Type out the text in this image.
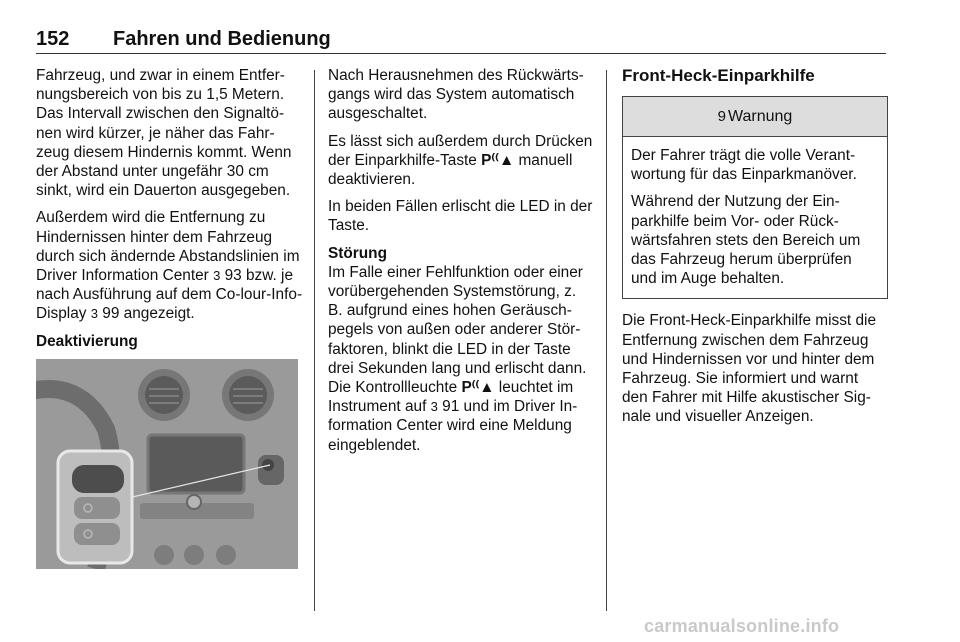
152 Fahren und Bedienung

Fahrzeug, und zwar in einem Entfer-nungsbereich von bis zu 1,5 Metern. Das Intervall zwischen den Signaltö-nen wird kürzer, je näher das Fahr-zeug diesem Hindernis kommt. Wenn der Abstand unter ungefähr 30 cm sinkt, wird ein Dauerton ausgegeben.

Außerdem wird die Entfernung zu Hindernissen hinter dem Fahrzeug durch sich ändernde Abstandslinien im Driver Information Center 3 93 bzw. je nach Ausführung auf dem Co-lour-Info-Display 3 99 angezeigt.

Deaktivierung

Nach Herausnehmen des Rückwärts-gangs wird das System automatisch ausgeschaltet.

Es lässt sich außerdem durch Drücken der Einparkhilfe-Taste P⁽⁽▲ manuell deaktivieren.

In beiden Fällen erlischt die LED in der Taste.

Störung

Im Falle einer Fehlfunktion oder einer vorübergehenden Systemstörung, z. B. aufgrund eines hohen Geräusch-pegels von außen oder anderer Stör-faktoren, blinkt die LED in der Taste drei Sekunden lang und erlischt dann. Die Kontrollleuchte P⁽⁽▲ leuchtet im Instrument auf 3 91 und im Driver In-formation Center wird eine Meldung eingeblendet.

Front-Heck-Einparkhilfe
9 Warnung

Der Fahrer trägt die volle Verant-wortung für das Einparkmanöver.

Während der Nutzung der Ein-parkhilfe beim Vor- oder Rück-wärtsfahren stets den Bereich um das Fahrzeug herum überprüfen und im Auge behalten.

Die Front-Heck-Einparkhilfe misst die Entfernung zwischen dem Fahrzeug und Hindernissen vor und hinter dem Fahrzeug. Sie informiert und warnt den Fahrer mit Hilfe akustischer Sig-nale und visueller Anzeigen.

carmanualsonline.info
